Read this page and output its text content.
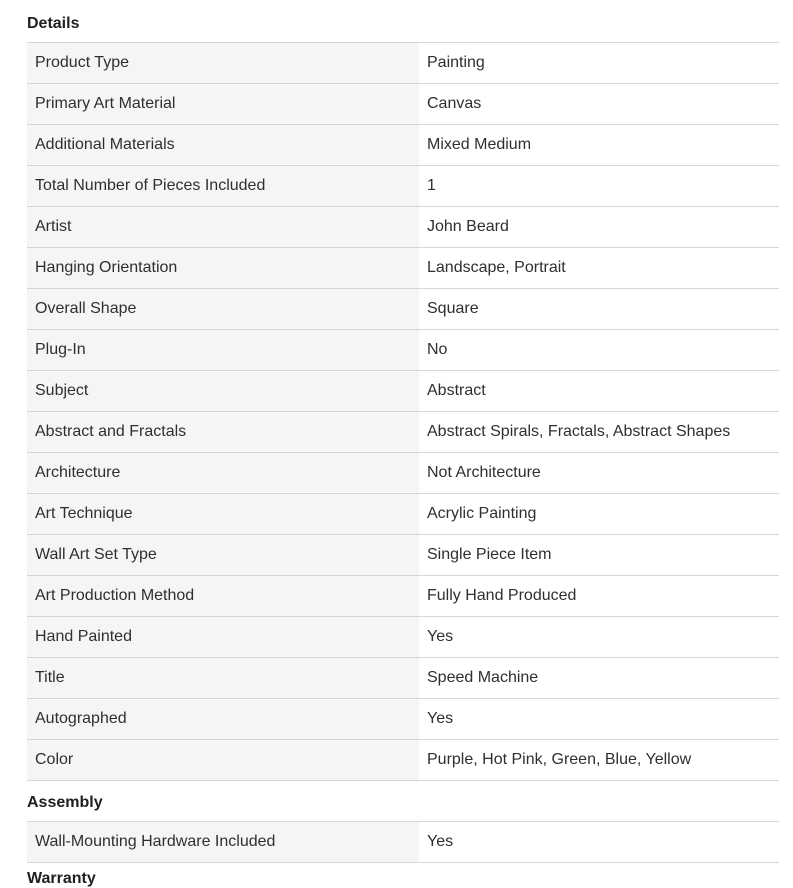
Details
Product Type	Painting
Primary Art Material	Canvas
Additional Materials	Mixed Medium
Total Number of Pieces Included	1
Artist	John Beard
Hanging Orientation	Landscape, Portrait
Overall Shape	Square
Plug-In	No
Subject	Abstract
Abstract and Fractals	Abstract Spirals, Fractals, Abstract Shapes
Architecture	Not Architecture
Art Technique	Acrylic Painting
Wall Art Set Type	Single Piece Item
Art Production Method	Fully Hand Produced
Hand Painted	Yes
Title	Speed Machine
Autographed	Yes
Color	Purple, Hot Pink, Green, Blue, Yellow
Assembly
Wall-Mounting Hardware Included	Yes
Warranty
